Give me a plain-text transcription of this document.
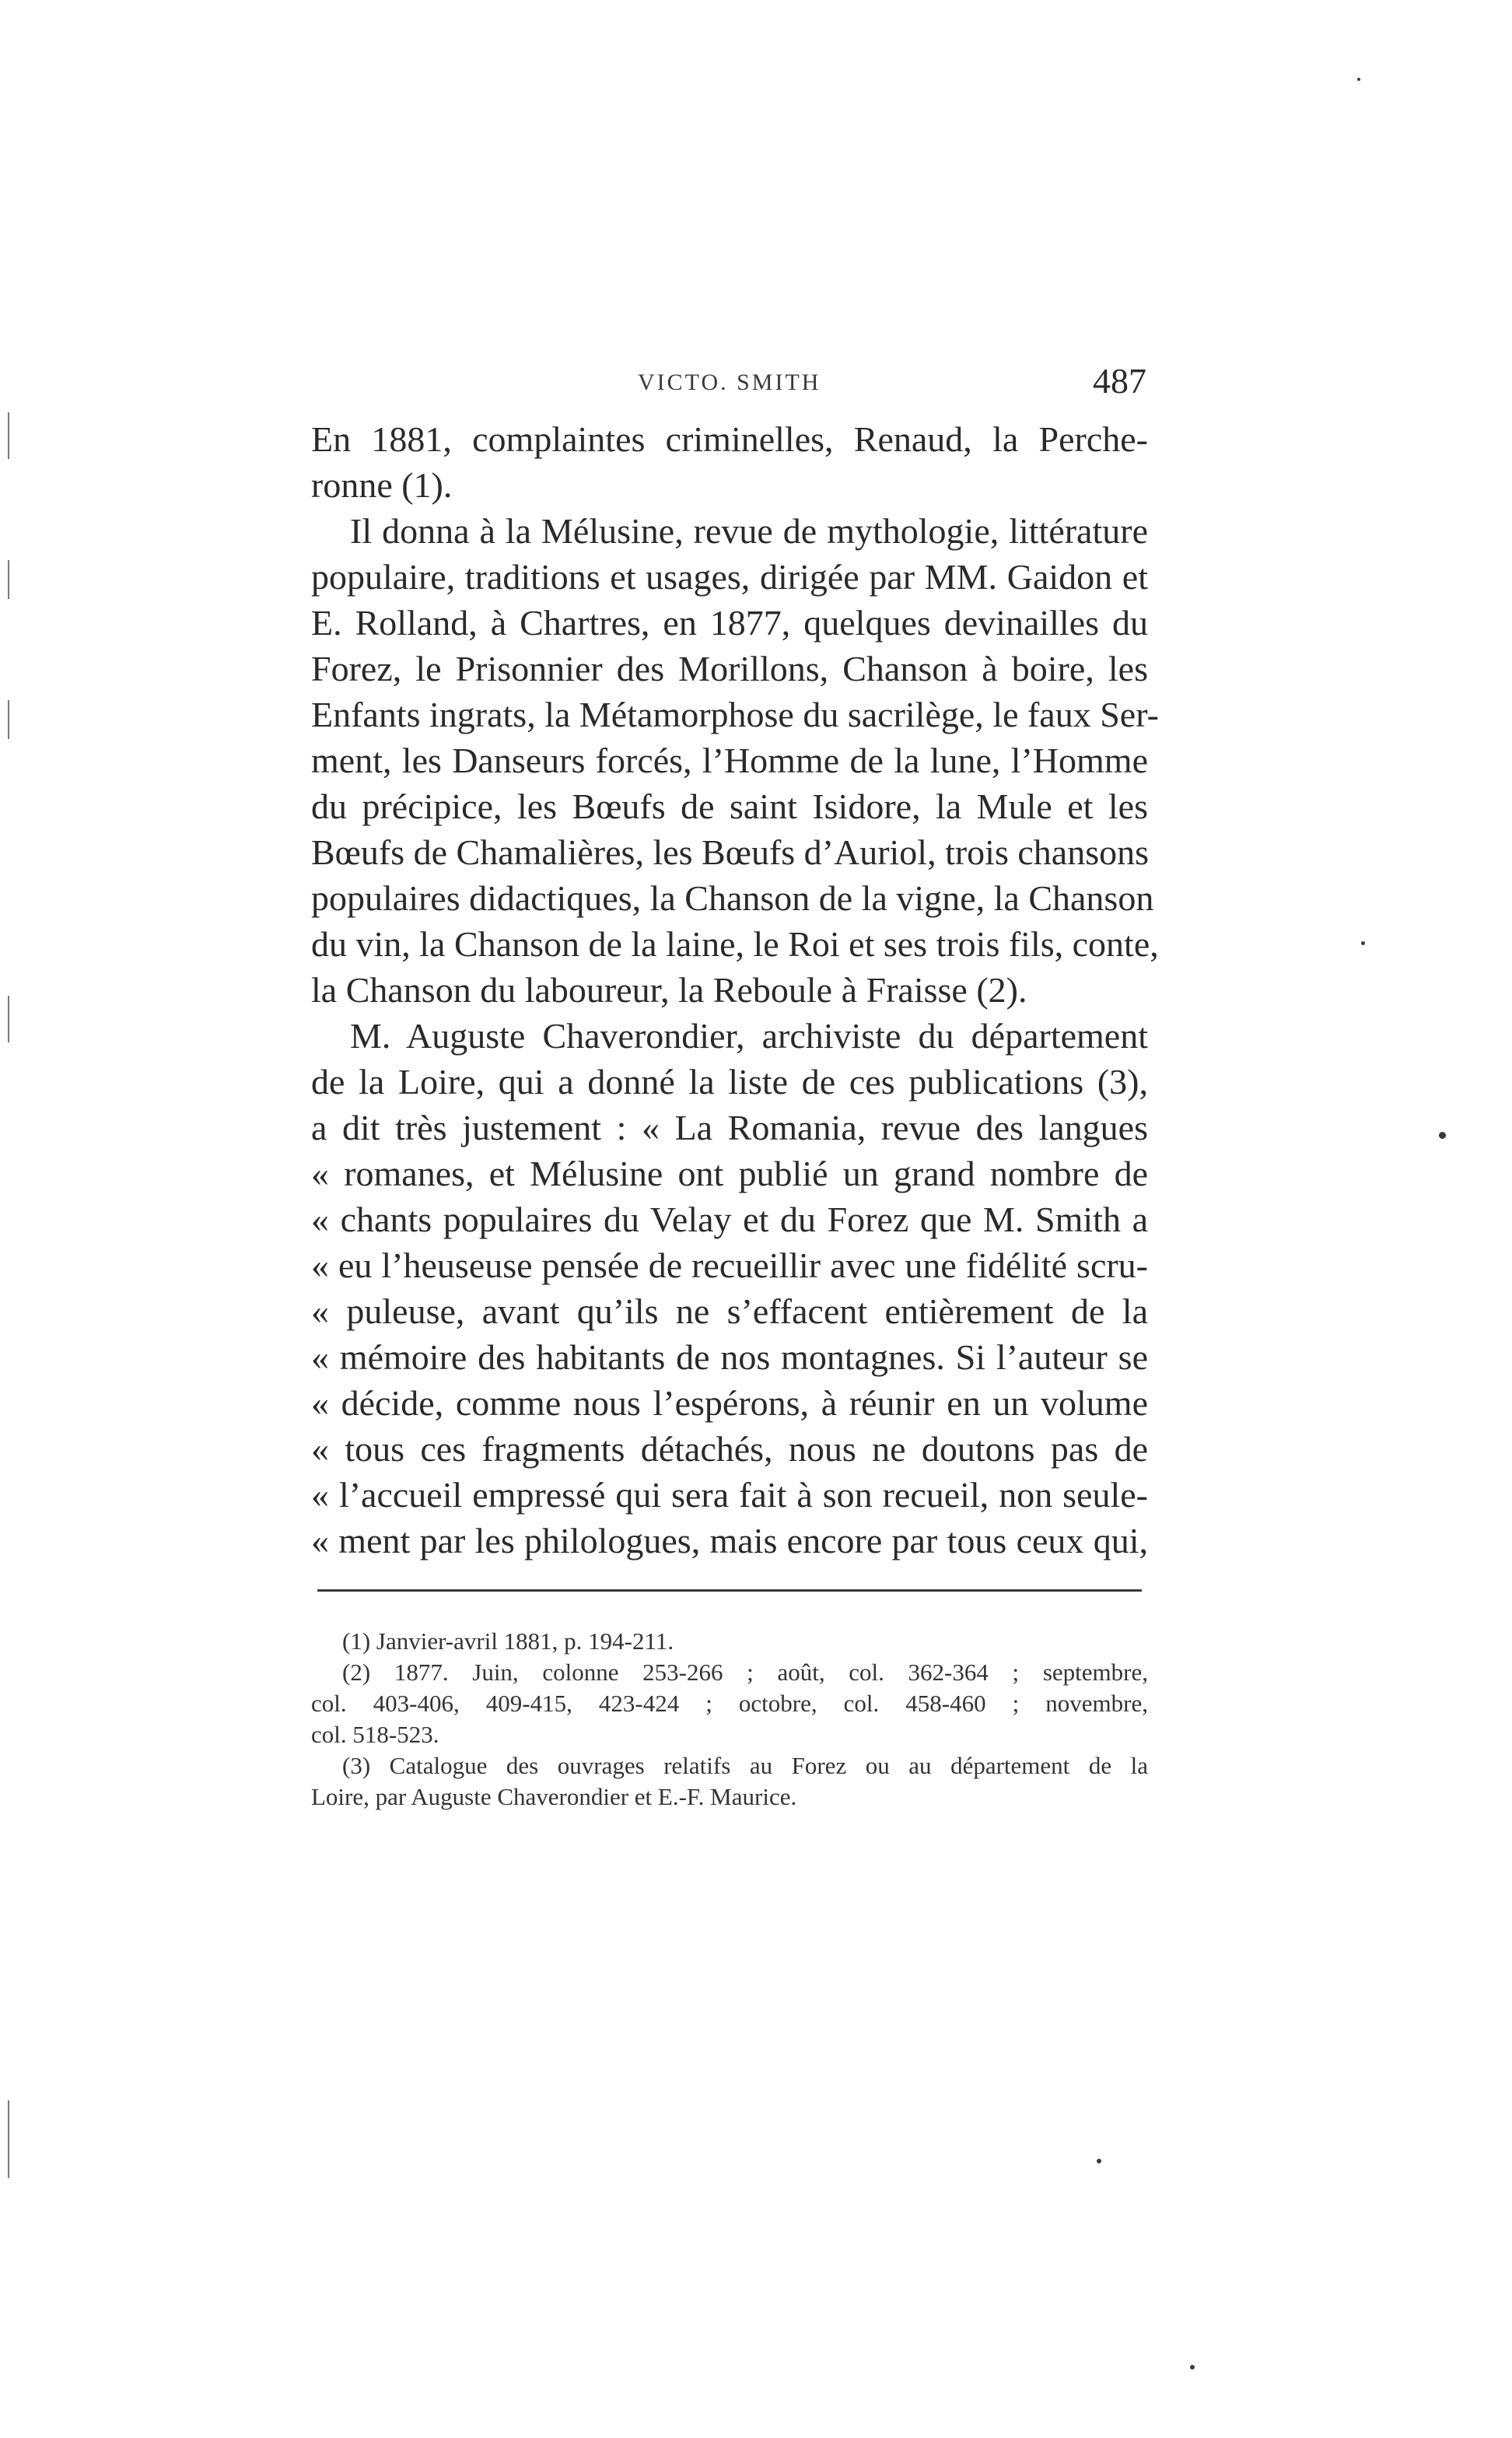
VICTO. SMITH	487
En 1881, complaintes criminelles, Renaud, la Perche-
ronne (1).
Il donna à la Mélusine, revue de mythologie, littérature
populaire, traditions et usages, dirigée par MM. Gaidon et
E. Rolland, à Chartres, en 1877, quelques devinailles du
Forez, le Prisonnier des Morillons, Chanson à boire, les
Enfants ingrats, la Métamorphose du sacrilège, le faux Ser-
ment, les Danseurs forcés, l’Homme de la lune, l’Homme
du précipice, les Bœufs de saint Isidore, la Mule et les
Bœufs de Chamalières, les Bœufs d’Auriol, trois chansons
populaires didactiques, la Chanson de la vigne, la Chanson
du vin, la Chanson de la laine, le Roi et ses trois fils, conte,
la Chanson du laboureur, la Reboule à Fraisse (2).
M. Auguste Chaverondier, archiviste du département
de la Loire, qui a donné la liste de ces publications (3),
a dit très justement : « La Romania, revue des langues
« romanes, et Mélusine ont publié un grand nombre de
« chants populaires du Velay et du Forez que M. Smith a
« eu l’heuseuse pensée de recueillir avec une fidélité scru-
« puleuse, avant qu’ils ne s’effacent entièrement de la
« mémoire des habitants de nos montagnes. Si l’auteur se
« décide, comme nous l’espérons, à réunir en un volume
« tous ces fragments détachés, nous ne doutons pas de
« l’accueil empressé qui sera fait à son recueil, non seule-
« ment par les philologues, mais encore par tous ceux qui,
(1) Janvier-avril 1881, p. 194-211.
(2) 1877. Juin, colonne 253-266 ; août, col. 362-364 ; septembre,
col. 403-406, 409-415, 423-424 ; octobre, col. 458-460 ; novembre,
col. 518-523.
(3) Catalogue des ouvrages relatifs au Forez ou au département de la
Loire, par Auguste Chaverondier et E.-F. Maurice.
